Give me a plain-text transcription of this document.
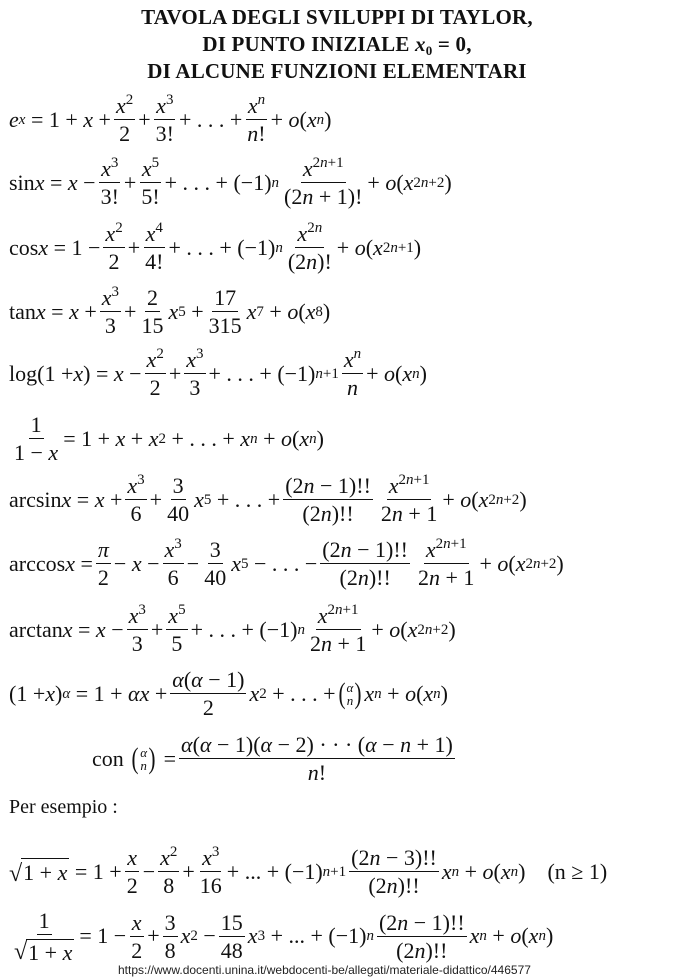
TAVOLA DEGLI SVILUPPI DI TAYLOR,
DI PUNTO INIZIALE $x_0 = 0$,
DI ALCUNE FUNZIONI ELEMENTARI
e $x = 1 + x + \frac{x^2}{2} + \frac{x^3}{3!}$ + . . . + $\frac{x^n}{n!} + o$ ( x n )
$\sin x = x - \frac{x^3}{3!} + \frac{x^5}{5!}$ + . . . + (−1) n $\frac{x^{2n+1}}{(2n + 1)!} + o$ ( x 2n+2 )
$\cos x = 1 - \frac{x^2}{2} + \frac{x^4}{4!}$ + . . . + (−1) n $\frac{x^{2n}}{(2n)!} + o$ ( x 2n+1 )
$\tan x = x + \frac{x^3}{3} + \frac{2}{15}$ x $5 + \frac{17}{315}$ x 7 + o ( x 8 )
log(1 + x ) = $x - \frac{x^2}{2} + \frac{x^3}{3}$ + . . . + (−1) $n+1 \frac{x^n}{n} + o$ ( x n )
$\frac{1}{1 - x} = 1 + x + x$ 2 + . . . + x n + o ( x n )
$\arcsin x = x + \frac{x^3}{6} + \frac{3}{40}$ x 5 + . . . + $\frac{(2n - 1)!!}{(2n)!!} \frac{x^{2n+1}}{2n + 1} + o$ ( x 2n+2 )
$\arccos x = \frac{\pi}{2} - x - \frac{x^3}{6} - \frac{3}{40}$ x 5 − . . . − $\frac{(2n - 1)!!}{(2n)!!} \frac{x^{2n+1}}{2n + 1} + o$ ( x 2n+2 )
$\arctan x = x - \frac{x^3}{3} + \frac{x^5}{5}$ + . . . + (−1) n $\frac{x^{2n+1}}{2n + 1} + o$ ( x 2n+2 )
(1 + x ) $\alpha = 1 + \alpha x + \frac{\alpha(\alpha - 1)}{2}$ x 2 + . . . + ( α
n ) x n + o ( x n )
con
( α
n ) = $\frac{\alpha(\alpha - 1)(\alpha - 2) \cdot \cdot \cdot (\alpha - n + 1)}{n!}$
Per esempio :
√ $1 + x = 1 + \frac{x}{2} - \frac{x^2}{8} + \frac{x^3}{16}$ + ... + (−1) $n+1 \frac{(2n - 3)!!}{(2n)!!}$ x n + o ( x n ) (n ≥ 1)
$\frac{1}{√ 1 + x} = 1 - \frac{x}{2} + \frac{3}{8}$ x $2 - \frac{15}{48}$ x 3 + ... + (−1) n $\frac{(2n - 1)!!}{(2n)!!}$ x n + o ( x n )
https://www.docenti.unina.it/webdocenti-be/allegati/materiale-didattico/446577
